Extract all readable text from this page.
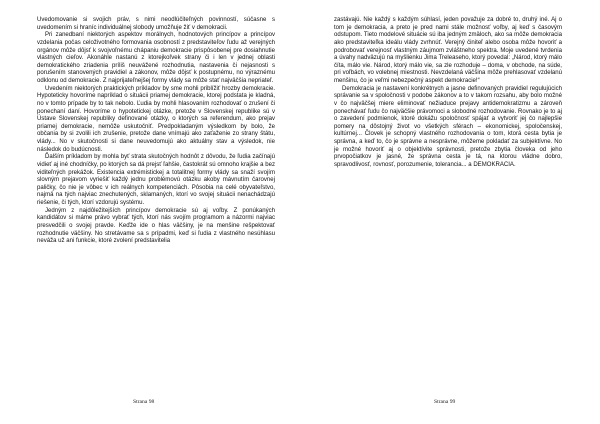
Uvedomovanie si svojich práv, s nimi neodlúčiteľných povinností, súčasne s uvedomením si hraníc individuálnej slobody umožňuje žiť v demokracii.

Pri zanedbaní niektorých aspektov morálnych, hodnotových princípov a princípov vzdelania počas celoživotného formovania osobností z predstaviteľov ľudu až verejných orgánov môže dôjsť k svojvoľnému chápaniu demokracie prispôsobenej pre dosiahnutie vlastných cieľov. Akonáhle nastanú z ktorejkoľvek strany či i len v jednej oblasti demokratického zriadenia príliš neuvážené rozhodnutia, nastavenia či nejasnosti s porušením stanovených pravidiel a zákonov, môže dôjsť k postupnému, no výraznému odklonu od demokracie. Z najprijateľnejšej formy vlády sa môže stať najväčšia nepriateľ.

Uvedením niektorých praktických príkladov by sme mohli priblížiť hrozby demokracie. Hypoteticky hovoríme napríklad o situácii priamej demokracie, ktorej podstata je kladná, no v tomto prípade by to tak nebolo. Ľudia by mohli hlasovaním rozhodovať o zrušení či ponechaní daní. Hovoríme o hypotetickej otázke, pretože v Slovenskej republike sú v Ústave Slovenskej republiky definované otázky, o ktorých sa referendum, ako prejav priamej demokracie, nemôže uskutočniť. Predpokladaným výsledkom by bolo, že občania by si zvolili ich zrušenie, pretože dane vnímajú ako zaťaženie zo strany štátu, vlády... No v skutočnosti si dane neuvedomujú ako aktuálny stav a výsledok, nie následok do budúcnosti.

Ďalším príkladom by mohla byť strata skutočných hodnôt z dôvodu, že ľudia začínajú vidieť aj iné chodníčky, po ktorých sa dá prejsť ľahšie, častokrát sú omnoho krajšie a bez viditeľných prekážok. Existencia extrémistickej a totalitnej formy vlády sa snaží svojím slovným prejavom vyriešiť každý jednu problémovú otázku akoby mávnutím čarovnej paličky, čo nie je vôbec v ich reálnych kompetenciách. Pôsobia na celé obyvateľstvo, najmä na tých najviac znechutených, sklamaných, ktorí vo svojej situácii nenachádzajú riešenie, či tých, ktorí vzdorujú systému.

Jedným z najdôležitejších princípov demokracie sú aj voľby. Z ponúkaných kandidátov si máme právo vybrať tých, ktorí nás svojím programom a názormi najviac presvedčili o svojej pravde. Keďže ide o hlas väčšiny, je na menšine rešpektovať rozhodnutie väčšiny. No stretávame sa s prípadmi, keď si ľudia z vlastného nesúhlasu neváža už ani funkcie, ktoré zvolení predstavitelia

Strana 98

zastávajú. Nie každý s každým súhlasí, jeden považuje za dobré to, druhý iné. Aj o tom je demokracia, a preto je pred nami stále možnosť voľby, aj keď s časovým odstupom. Tieto modelové situácie sú iba jedným zmäloch, ako sa môže demokracia ako predstaviteľka ideálu vlády zvrhnúť. Verejný činiteľ alebo osoba môže hovoriť a podrobovať verejnosť vlastným záujmom zvláštneho spektra. Moje uvedené tvrdenia a úvahy nadväzujú na myšlienku Jima Treleaseho, ktorý povedal: „Národ, ktorý málo číta, málo vie. Národ, ktorý málo vie, sa zle rozhoduje – doma, v obchode, na súde, pri voľbách, vo volebnej miestnosti. Nevzdelaná väčšina môže prehlasovať vzdelanú menšinu, čo je veľmi nebezpečný aspekt demokracie!“

Demokracia je nastavení konkrétnych a jasne definovaných pravidiel regulujúcich správanie sa v spoločnosti v podobe zákonov a to v takom rozsahu, aby bolo možné v čo najväčšej miere eliminovať nežiaduce prejavy antidemokratizmu a zároveň ponechávať ľudu čo najväčšie právomoci a slobodné rozhodovanie. Rovnako je to aj o zavedení podmienok, ktoré dokážu spoločnosť spájať a vytvoriť jej čo najlepšie pomery na dôstojný život vo všetkých sférach – ekonomickej, spoločenskej, kultúrnej... Človek je schopný vlastného rozhodovania o tom, ktorá cesta bytia je správna, a keď to, čo je správne a nesprávne, môžeme pokladať za subjektívne. No je možné hovoriť aj o objektívite správnosti, pretože zbytia človeka od jeho prvopočiatkov je jasné, že správna cesta je tá, na ktorou vládne dobro, spravodlivosť, rovnosť, porozumenie, tolerancia... a DEMOKRACIA.

Strana 99
